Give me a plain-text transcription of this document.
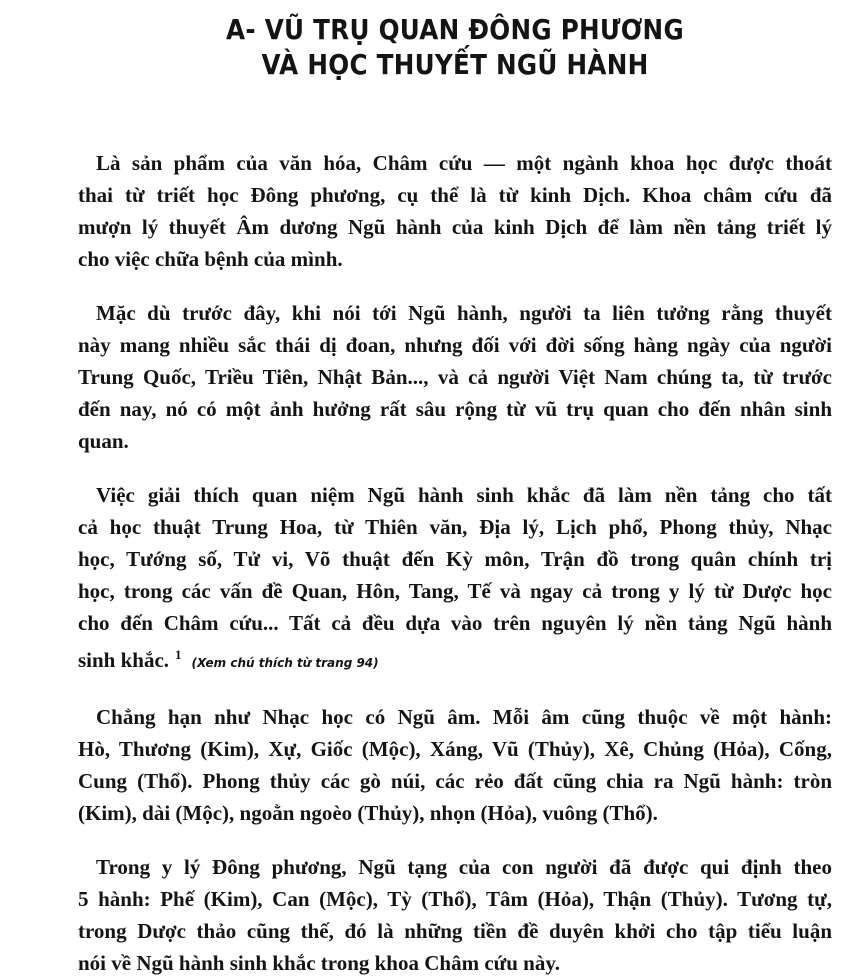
A- VŨ TRỤ QUAN ĐÔNG PHƯƠNG
VÀ HỌC THUYẾT NGŨ HÀNH

Là sản phẩm của văn hóa, Châm cứu — một ngành khoa học được thoát
thai từ triết học Đông phương, cụ thể là từ kinh Dịch. Khoa châm cứu đã
mượn lý thuyết Âm dương Ngũ hành của kinh Dịch để làm nền tảng triết lý
cho việc chữa bệnh của mình.

Mặc dù trước đây, khi nói tới Ngũ hành, người ta liên tưởng rằng thuyết
này mang nhiều sắc thái dị đoan, nhưng đối với đời sống hàng ngày của người
Trung Quốc, Triều Tiên, Nhật Bản..., và cả người Việt Nam chúng ta, từ trước
đến nay, nó có một ảnh hưởng rất sâu rộng từ vũ trụ quan cho đến nhân sinh
quan.

Việc giải thích quan niệm Ngũ hành sinh khắc đã làm nền tảng cho tất
cả học thuật Trung Hoa, từ Thiên văn, Địa lý, Lịch phổ, Phong thủy, Nhạc
học, Tướng số, Tử vi, Võ thuật đến Kỳ môn, Trận đồ trong quân chính trị
học, trong các vấn đề Quan, Hôn, Tang, Tế và ngay cả trong y lý từ Dược học
cho đến Châm cứu... Tất cả đều dựa vào trên nguyên lý nền tảng Ngũ hành
sinh khắc. $^1$(Xem chú thích từ trang 94)

Chẳng hạn như Nhạc học có Ngũ âm. Mỗi âm cũng thuộc về một hành:
Hò, Thương (Kim), Xự, Giốc (Mộc), Xáng, Vũ (Thủy), Xê, Chủng (Hỏa), Cống,
Cung (Thổ). Phong thủy các gò núi, các rẻo đất cũng chia ra Ngũ hành: tròn
(Kim), dài (Mộc), ngoằn ngoèo (Thủy), nhọn (Hỏa), vuông (Thổ).

Trong y lý Đông phương, Ngũ tạng của con người đã được qui định theo
5 hành: Phế (Kim), Can (Mộc), Tỳ (Thổ), Tâm (Hỏa), Thận (Thủy). Tương tự,
trong Dược thảo cũng thế, đó là những tiền đề duyên khởi cho tập tiểu luận
nói về Ngũ hành sinh khắc trong khoa Châm cứu này.
